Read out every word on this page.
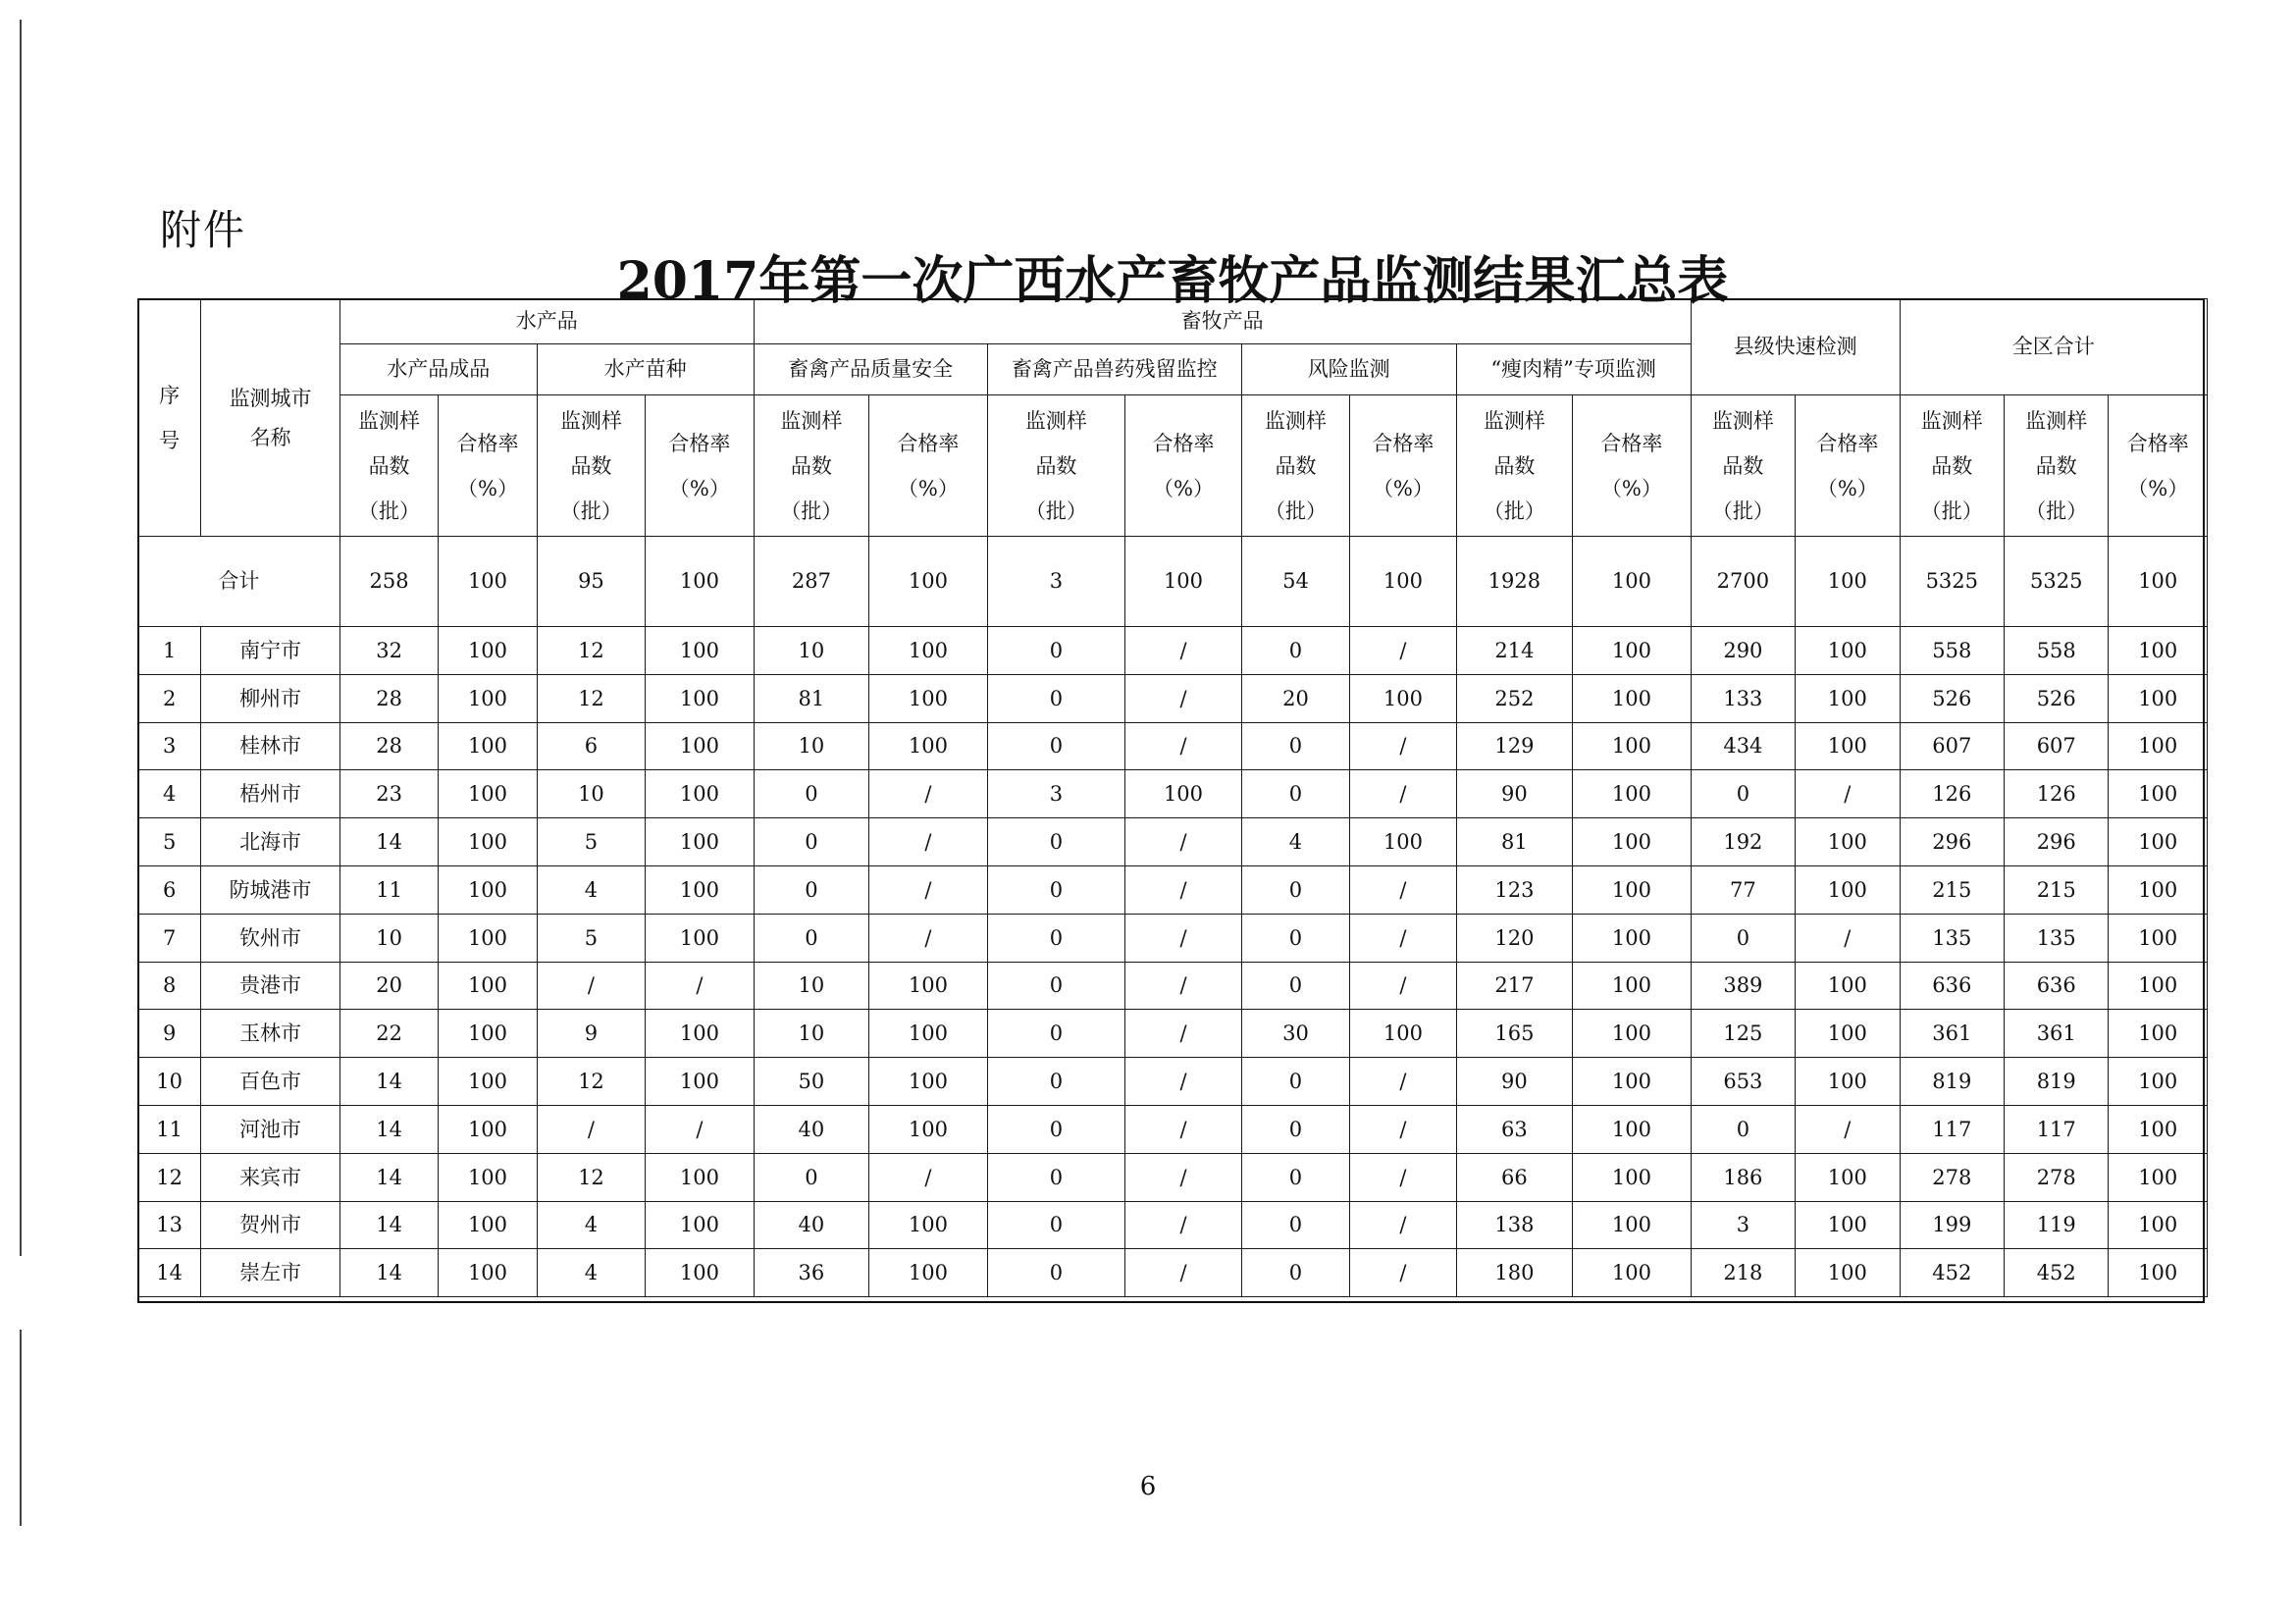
附件
2017年第一次广西水产畜牧产品监测结果汇总表
序号	监测城市名称	水产品				畜牧产品								县级快速检测		全区合计		
		水产品成品		水产苗种		畜禽产品质量安全		畜禽产品兽药残留监控		风险监测		“瘦肉精”专项监测						
		监测样品数（批）	合格率（%）	监测样品数（批）	合格率（%）	监测样品数（批）	合格率（%）	监测样品数（批）	合格率（%）	监测样品数（批）	合格率（%）	监测样品数（批）	合格率（%）	监测样品数（批）	合格率（%）	监测样品数（批）	监测样品数（批）	合格率（%）
合计		258	100	95	100	287	100	3	100	54	100	1928	100	2700	100	5325	5325	100
1	南宁市	32	100	12	100	10	100	0	/	0	/	214	100	290	100	558	558	100
2	柳州市	28	100	12	100	81	100	0	/	20	100	252	100	133	100	526	526	100
3	桂林市	28	100	6	100	10	100	0	/	0	/	129	100	434	100	607	607	100
4	梧州市	23	100	10	100	0	/	3	100	0	/	90	100	0	/	126	126	100
5	北海市	14	100	5	100	0	/	0	/	4	100	81	100	192	100	296	296	100
6	防城港市	11	100	4	100	0	/	0	/	0	/	123	100	77	100	215	215	100
7	钦州市	10	100	5	100	0	/	0	/	0	/	120	100	0	/	135	135	100
8	贵港市	20	100	/	/	10	100	0	/	0	/	217	100	389	100	636	636	100
9	玉林市	22	100	9	100	10	100	0	/	30	100	165	100	125	100	361	361	100
10	百色市	14	100	12	100	50	100	0	/	0	/	90	100	653	100	819	819	100
11	河池市	14	100	/	/	40	100	0	/	0	/	63	100	0	/	117	117	100
12	来宾市	14	100	12	100	0	/	0	/	0	/	66	100	186	100	278	278	100
13	贺州市	14	100	4	100	40	100	0	/	0	/	138	100	3	100	199	119	100
14	崇左市	14	100	4	100	36	100	0	/	0	/	180	100	218	100	452	452	100
6
